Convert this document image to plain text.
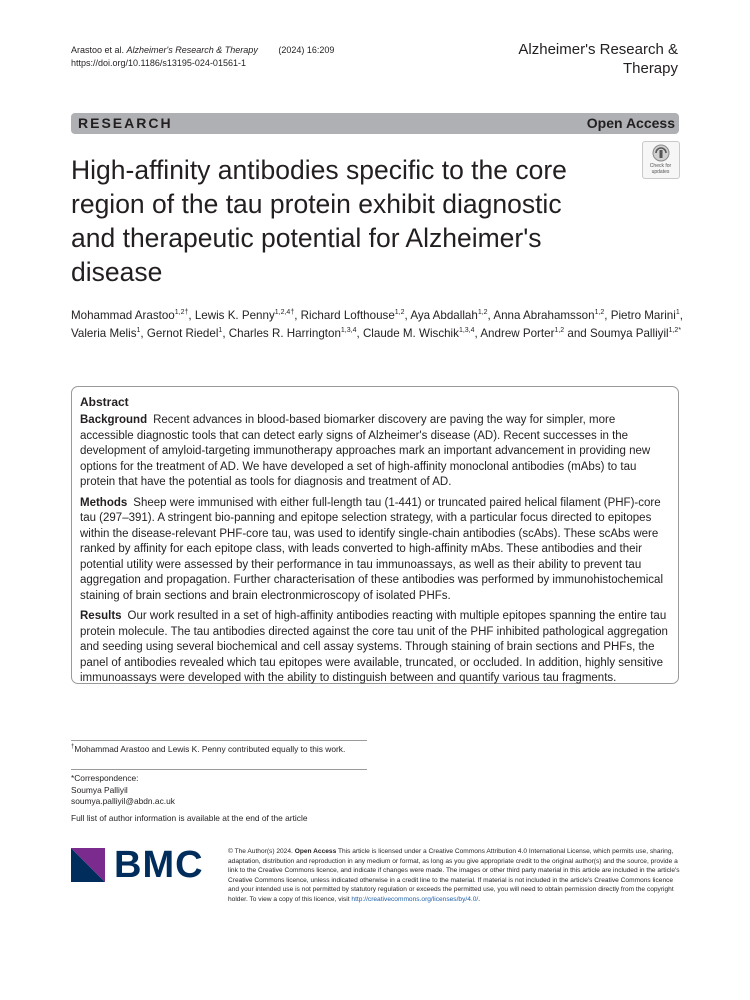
Arastoo et al. Alzheimer's Research & Therapy (2024) 16:209
https://doi.org/10.1186/s13195-024-01561-1
Alzheimer's Research &
Therapy
RESEARCH	Open Access
Check for
updates
High-affinity antibodies specific to the core region of the tau protein exhibit diagnostic and therapeutic potential for Alzheimer's disease
Mohammad Arastoo$^{1,2\dagger}$, Lewis K. Penny$^{1,2,4\dagger}$, Richard Lofthouse$^{1,2}$, Aya Abdallah$^{1,2}$, Anna Abrahamsson$^{1,2}$, Pietro Marini$^1$, Valeria Melis$^1$, Gernot Riedel$^1$, Charles R. Harrington$^{1,3,4}$, Claude M. Wischik$^{1,3,4}$, Andrew Porter$^{1,2}$ and Soumya Palliyil$^{1,2*}$
Abstract

Background Recent advances in blood-based biomarker discovery are paving the way for simpler, more accessible diagnostic tools that can detect early signs of Alzheimer's disease (AD). Recent successes in the development of amyloid-targeting immunotherapy approaches mark an important advancement in providing new options for the treatment of AD. We have developed a set of high-affinity monoclonal antibodies (mAbs) to tau protein that have the potential as tools for diagnosis and treatment of AD.

Methods Sheep were immunised with either full-length tau (1-441) or truncated paired helical filament (PHF)-core tau (297–391). A stringent bio-panning and epitope selection strategy, with a particular focus directed to epitopes within the disease-relevant PHF-core tau, was used to identify single-chain antibodies (scAbs). These scAbs were ranked by affinity for each epitope class, with leads converted to high-affinity mAbs. These antibodies and their potential utility were assessed by their performance in tau immunoassays, as well as their ability to prevent tau aggregation and propagation. Further characterisation of these antibodies was performed by immunohistochemical staining of brain sections and brain electronmicroscopy of isolated PHFs.

Results Our work resulted in a set of high-affinity antibodies reacting with multiple epitopes spanning the entire tau protein molecule. The tau antibodies directed against the core tau unit of the PHF inhibited pathological aggregation and seeding using several biochemical and cell assay systems. Through staining of brain sections and PHFs, the panel of antibodies revealed which tau epitopes were available, truncated, or occluded. In addition, highly sensitive immunoassays were developed with the ability to distinguish between and quantify various tau fragments.

†Mohammad Arastoo and Lewis K. Penny contributed equally to this work.
*Correspondence:
Soumya Palliyil
soumya.palliyil@abdn.ac.uk
Full list of author information is available at the end of the article
BMC	© The Author(s) 2024. Open Access This article is licensed under a Creative Commons Attribution 4.0 International License, which permits use, sharing, adaptation, distribution and reproduction in any medium or format, as long as you give appropriate credit to the original author(s) and the source, provide a link to the Creative Commons licence, and indicate if changes were made. The images or other third party material in this article are included in the article's Creative Commons licence, unless indicated otherwise in a credit line to the material. If material is not included in the article's Creative Commons licence and your intended use is not permitted by statutory regulation or exceeds the permitted use, you will need to obtain permission directly from the copyright holder. To view a copy of this licence, visit http://creativecommons.org/licenses/by/4.0/.
